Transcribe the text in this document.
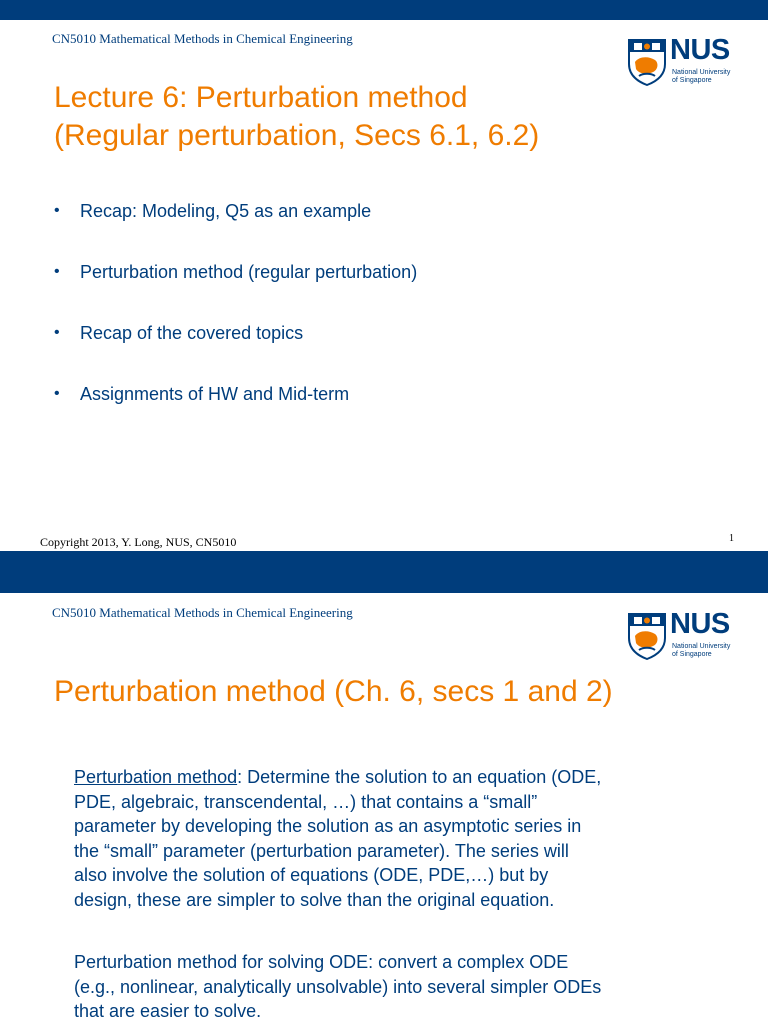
CN5010 Mathematical Methods in Chemical Engineering	NUS
National University
of Singapore
Lecture 6: Perturbation method
(Regular perturbation, Secs 6.1, 6.2)
• Recap: Modeling, Q5 as an example
• Perturbation method (regular perturbation)
• Recap of the covered topics
• Assignments of HW and Mid-term
Copyright 2013, Y. Long, NUS, CN5010	1
CN5010 Mathematical Methods in Chemical Engineering	NUS
National University
of Singapore
Perturbation method (Ch. 6, secs 1 and 2)
Perturbation method: Determine the solution to an equation (ODE,
PDE, algebraic, transcendental, …) that contains a “small”
parameter by developing the solution as an asymptotic series in
the “small” parameter (perturbation parameter). The series will
also involve the solution of equations (ODE, PDE,…) but by
design, these are simpler to solve than the original equation.
Perturbation method for solving ODE: convert a complex ODE
(e.g., nonlinear, analytically unsolvable) into several simpler ODEs
that are easier to solve.
